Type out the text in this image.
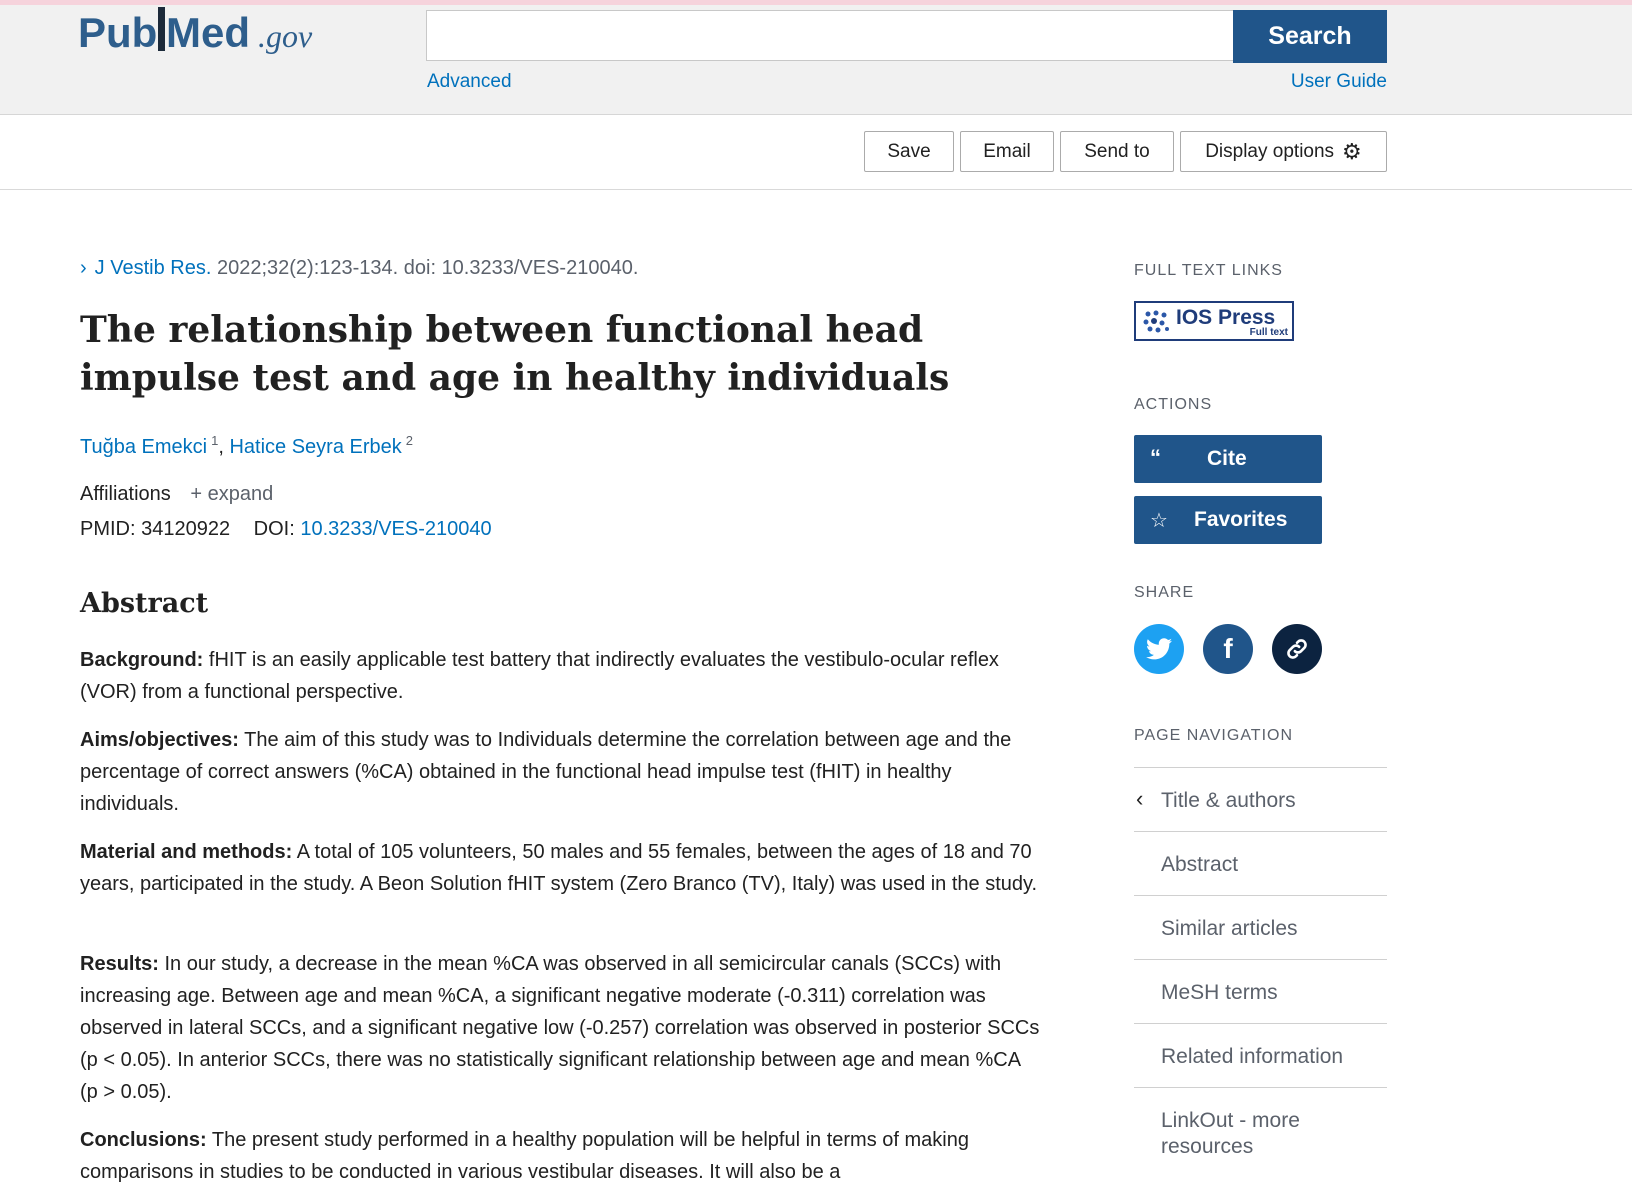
Pub Med .gov	Search
Advanced	User Guide
Save	Email	Send to	Display options ⚙
› J Vestib Res. 2022;32(2):123-134. doi: 10.3233/VES-210040.
The relationship between functional head impulse test and age in healthy individuals
Tuğba Emekci $^1$, Hatice Seyra Erbek $^2$
Affiliations + expand
PMID: 34120922 DOI: 10.3233/VES-210040
Abstract

Background: fHIT is an easily applicable test battery that indirectly evaluates the vestibulo-ocular reflex (VOR) from a functional perspective.

Aims/objectives: The aim of this study was to Individuals determine the correlation between age and the percentage of correct answers (%CA) obtained in the functional head impulse test (fHIT) in healthy individuals.

Material and methods: A total of 105 volunteers, 50 males and 55 females, between the ages of 18 and 70 years, participated in the study. A Beon Solution fHIT system (Zero Branco (TV), Italy) was used in the study.

Results: In our study, a decrease in the mean %CA was observed in all semicircular canals (SCCs) with increasing age. Between age and mean %CA, a significant negative moderate (-0.311) correlation was observed in lateral SCCs, and a significant negative low (-0.257) correlation was observed in posterior SCCs (p < 0.05). In anterior SCCs, there was no statistically significant relationship between age and mean %CA (p > 0.05).

Conclusions: The present study performed in a healthy population will be helpful in terms of making comparisons in studies to be conducted in various vestibular diseases. It will also be a

FULL TEXT LINKS
IOS Press
Full text
ACTIONS
“ Cite
☆ Favorites
SHARE
f
PAGE NAVIGATION
‹ Title & authors
Abstract
Similar articles
MeSH terms
Related information
LinkOut - more resources
